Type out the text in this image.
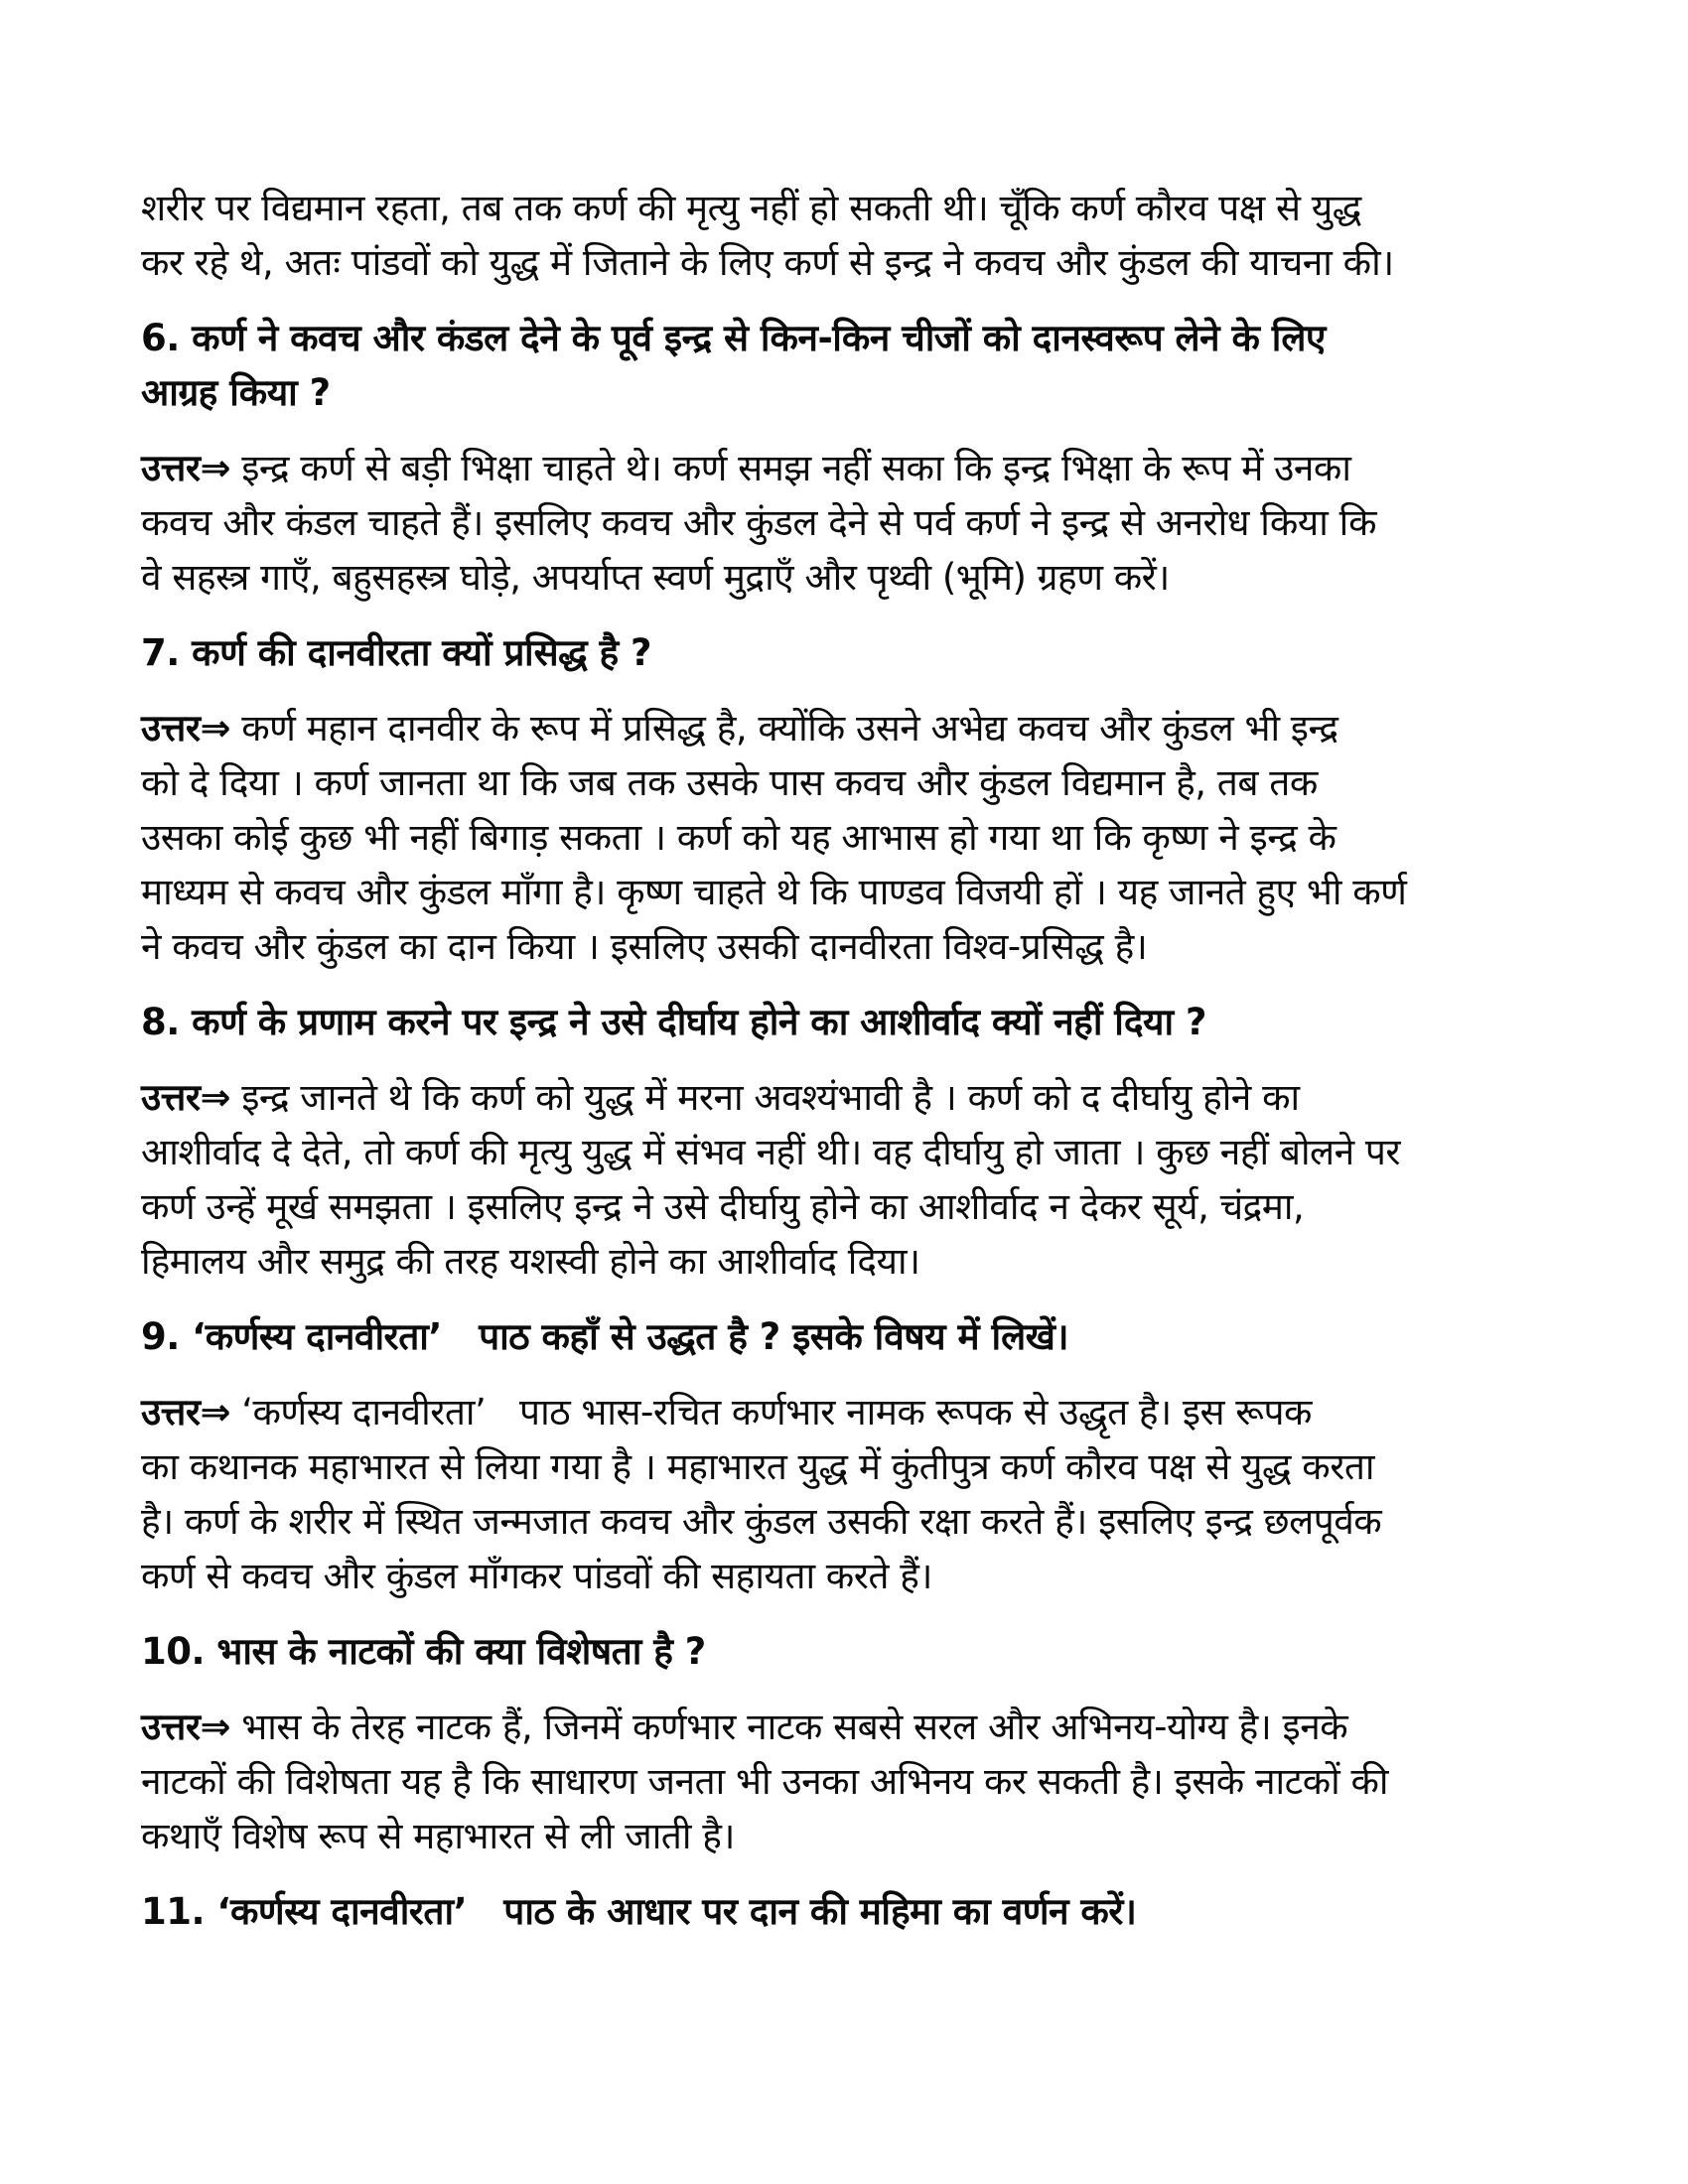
शरीर पर विद्यमान रहता, तब तक कर्ण की मृत्यु नहीं हो सकती थी। चूँकि कर्ण कौरव पक्ष से युद्ध
कर रहे थे, अतः पांडवों को युद्ध में जिताने के लिए कर्ण से इन्द्र ने कवच और कुंडल की याचना की।
6. कर्ण ने कवच और कंडल देने के पूर्व इन्द्र से किन-किन चीजों को दानस्वरूप लेने के लिए
आग्रह किया ?
उत्तर⇒ इन्द्र कर्ण से बड़ी भिक्षा चाहते थे। कर्ण समझ नहीं सका कि इन्द्र भिक्षा के रूप में उनका
कवच और कंडल चाहते हैं। इसलिए कवच और कुंडल देने से पर्व कर्ण ने इन्द्र से अनरोध किया कि
वे सहस्त्र गाएँ, बहुसहस्त्र घोड़े, अपर्याप्त स्वर्ण मुद्राएँ और पृथ्वी (भूमि) ग्रहण करें।
7. कर्ण की दानवीरता क्यों प्रसिद्ध है ?
उत्तर⇒ कर्ण महान दानवीर के रूप में प्रसिद्ध है, क्योंकि उसने अभेद्य कवच और कुंडल भी इन्द्र
को दे दिया । कर्ण जानता था कि जब तक उसके पास कवच और कुंडल विद्यमान है, तब तक
उसका कोई कुछ भी नहीं बिगाड़ सकता । कर्ण को यह आभास हो गया था कि कृष्ण ने इन्द्र के
माध्यम से कवच और कुंडल माँगा है। कृष्ण चाहते थे कि पाण्डव विजयी हों । यह जानते हुए भी कर्ण
ने कवच और कुंडल का दान किया । इसलिए उसकी दानवीरता विश्व-प्रसिद्ध है।
8. कर्ण के प्रणाम करने पर इन्द्र ने उसे दीर्घाय होने का आशीर्वाद क्यों नहीं दिया ?
उत्तर⇒ इन्द्र जानते थे कि कर्ण को युद्ध में मरना अवश्यंभावी है । कर्ण को द दीर्घायु होने का
आशीर्वाद दे देते, तो कर्ण की मृत्यु युद्ध में संभव नहीं थी। वह दीर्घायु हो जाता । कुछ नहीं बोलने पर
कर्ण उन्हें मूर्ख समझता । इसलिए इन्द्र ने उसे दीर्घायु होने का आशीर्वाद न देकर सूर्य, चंद्रमा,
हिमालय और समुद्र की तरह यशस्वी होने का आशीर्वाद दिया।
9. ‘कर्णस्य दानवीरता’   पाठ कहाँ से उद्धत है ? इसके विषय में लिखें।
उत्तर⇒ ‘कर्णस्य दानवीरता’   पाठ भास-रचित कर्णभार नामक रूपक से उद्धृत है। इस रूपक
का कथानक महाभारत से लिया गया है । महाभारत युद्ध में कुंतीपुत्र कर्ण कौरव पक्ष से युद्ध करता
है। कर्ण के शरीर में स्थित जन्मजात कवच और कुंडल उसकी रक्षा करते हैं। इसलिए इन्द्र छलपूर्वक
कर्ण से कवच और कुंडल माँगकर पांडवों की सहायता करते हैं।
10. भास के नाटकों की क्या विशेषता है ?
उत्तर⇒ भास के तेरह नाटक हैं, जिनमें कर्णभार नाटक सबसे सरल और अभिनय-योग्य है। इनके
नाटकों की विशेषता यह है कि साधारण जनता भी उनका अभिनय कर सकती है। इसके नाटकों की
कथाएँ विशेष रूप से महाभारत से ली जाती है।
11. ‘कर्णस्य दानवीरता’   पाठ के आधार पर दान की महिमा का वर्णन करें।
